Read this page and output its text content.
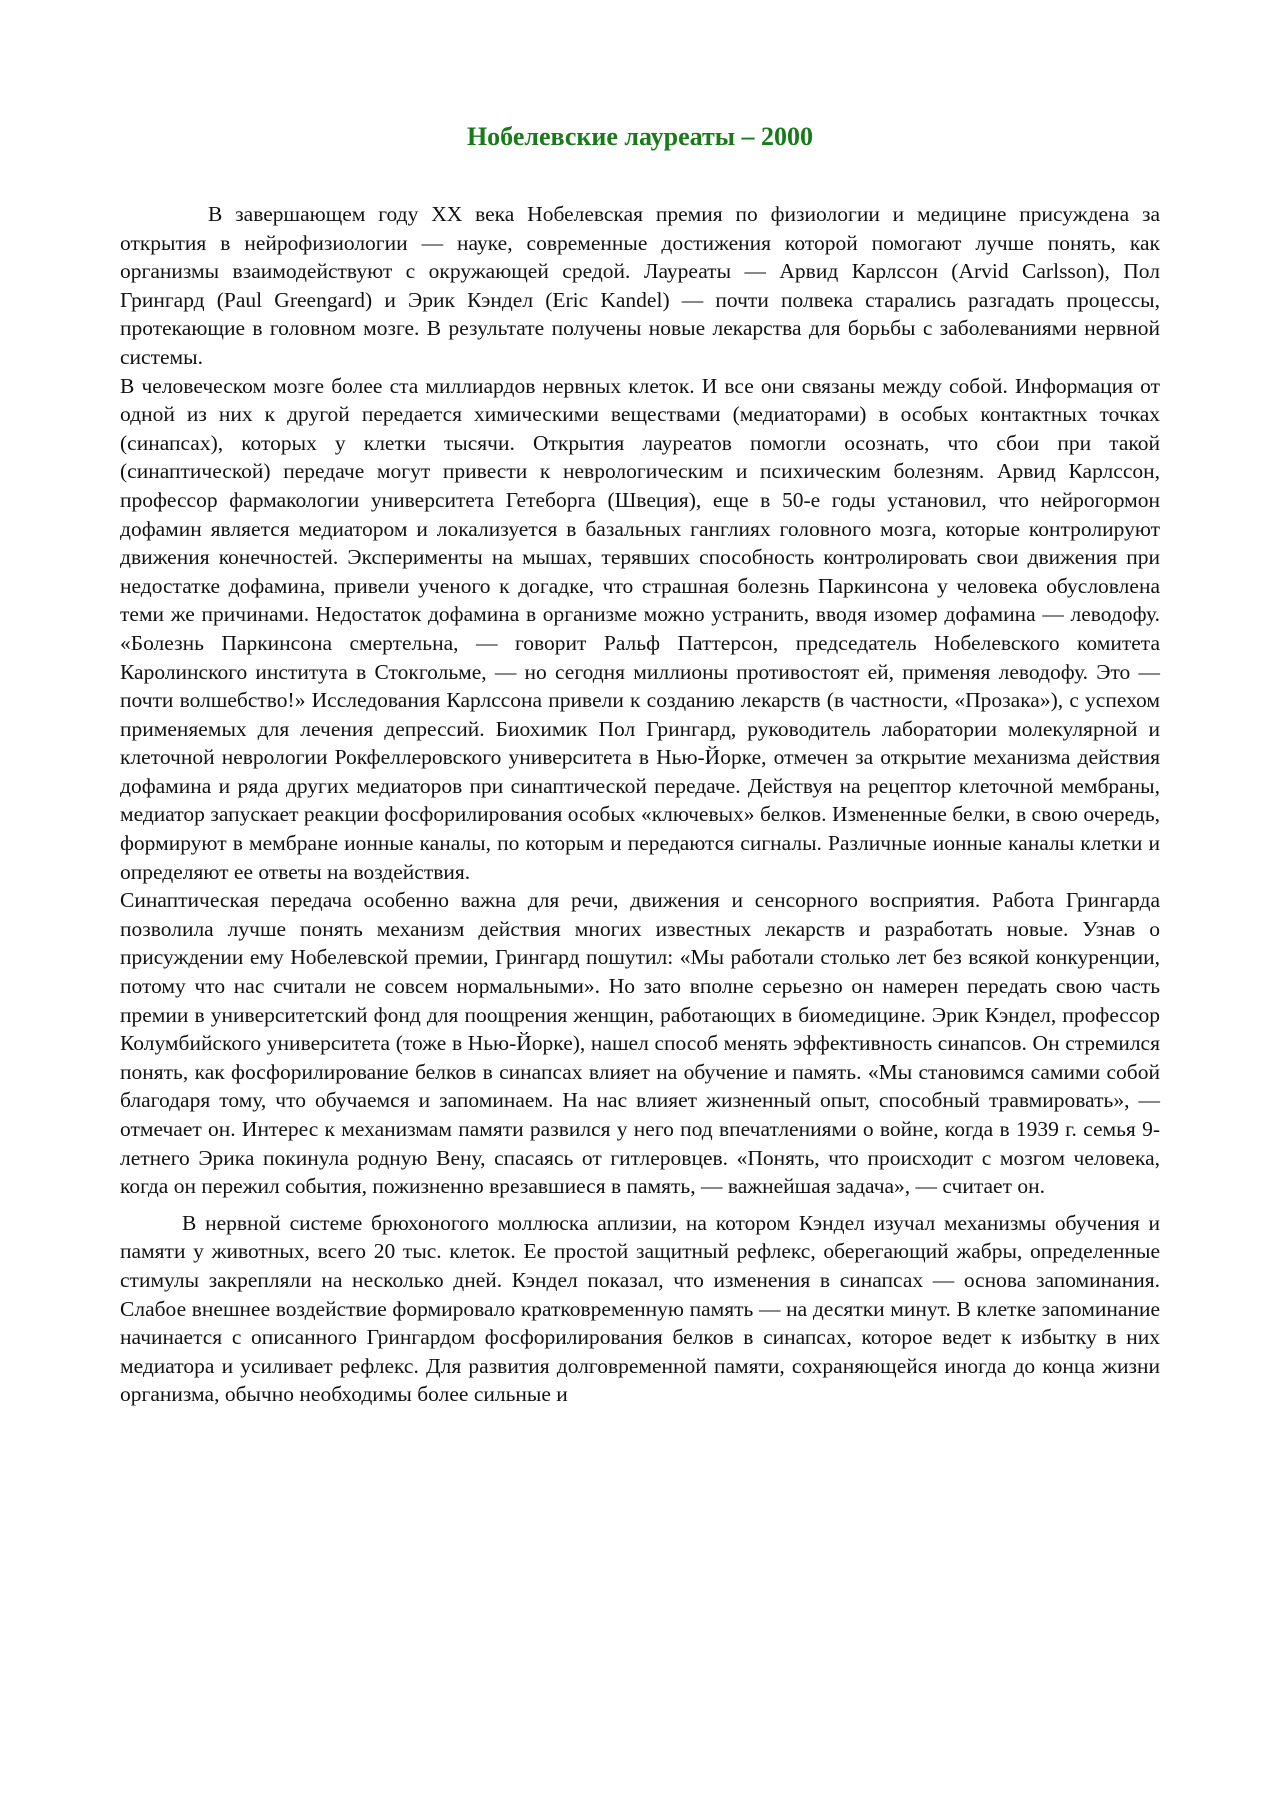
Нобелевские лауреаты – 2000

В завершающем году XX века Нобелевская премия по физиологии и медицине присуждена за открытия в нейрофизиологии — науке, современные достижения которой помогают лучше понять, как организмы взаимодействуют с окружающей средой. Лауреаты — Арвид Карлссон (Arvid Carlsson), Пол Грингард (Paul Greengard) и Эрик Кэндел (Eric Kandel) — почти полвека старались разгадать процессы, протекающие в головном мозге. В результате получены новые лекарства для борьбы с заболеваниями нервной системы.

В человеческом мозге более ста миллиардов нервных клеток. И все они связаны между собой. Информация от одной из них к другой передается химическими веществами (медиаторами) в особых контактных точках (синапсах), которых у клетки тысячи. Открытия лауреатов помогли осознать, что сбои при такой (синаптической) передаче могут привести к неврологическим и психическим болезням. Арвид Карлссон, профессор фармакологии университета Гетеборга (Швеция), еще в 50-е годы установил, что нейрогормон дофамин является медиатором и локализуется в базальных ганглиях головного мозга, которые контролируют движения конечностей. Эксперименты на мышах, терявших способность контролировать свои движения при недостатке дофамина, привели ученого к догадке, что страшная болезнь Паркинсона у человека обусловлена теми же причинами. Недостаток дофамина в организме можно устранить, вводя изомер дофамина — леводофу. «Болезнь Паркинсона смертельна, — говорит Ральф Паттерсон, председатель Нобелевского комитета Каролинского института в Стокгольме, — но сегодня миллионы противостоят ей, применяя леводофу. Это — почти волшебство!» Исследования Карлссона привели к созданию лекарств (в частности, «Прозака»), с успехом применяемых для лечения депрессий. Биохимик Пол Грингард, руководитель лаборатории молекулярной и клеточной неврологии Рокфеллеровского университета в Нью-Йорке, отмечен за открытие механизма действия дофамина и ряда других медиаторов при синаптической передаче. Действуя на рецептор клеточной мембраны, медиатор запускает реакции фосфорилирования особых «ключевых» белков. Измененные белки, в свою очередь, формируют в мембране ионные каналы, по которым и передаются сигналы. Различные ионные каналы клетки и определяют ее ответы на воздействия.

Синаптическая передача особенно важна для речи, движения и сенсорного восприятия. Работа Грингарда позволила лучше понять механизм действия многих известных лекарств и разработать новые. Узнав о присуждении ему Нобелевской премии, Грингард пошутил: «Мы работали столько лет без всякой конкуренции, потому что нас считали не совсем нормальными». Но зато вполне серьезно он намерен передать свою часть премии в университетский фонд для поощрения женщин, работающих в биомедицине. Эрик Кэндел, профессор Колумбийского университета (тоже в Нью-Йорке), нашел способ менять эффективность синапсов. Он стремился понять, как фосфорилирование белков в синапсах влияет на обучение и память. «Мы становимся самими собой благодаря тому, что обучаемся и запоминаем. На нас влияет жизненный опыт, способный травмировать», — отмечает он. Интерес к механизмам памяти развился у него под впечатлениями о войне, когда в 1939 г. семья 9-летнего Эрика покинула родную Вену, спасаясь от гитлеровцев. «Понять, что происходит с мозгом человека, когда он пережил события, пожизненно врезавшиеся в память, — важнейшая задача», — считает он.

В нервной системе брюхоногого моллюска аплизии, на котором Кэндел изучал механизмы обучения и памяти у животных, всего 20 тыс. клеток. Ее простой защитный рефлекс, оберегающий жабры, определенные стимулы закрепляли на несколько дней. Кэндел показал, что изменения в синапсах — основа запоминания. Слабое внешнее воздействие формировало кратковременную память — на десятки минут. В клетке запоминание начинается с описанного Грингардом фосфорилирования белков в синапсах, которое ведет к избытку в них медиатора и усиливает рефлекс. Для развития долговременной памяти, сохраняющейся иногда до конца жизни организма, обычно необходимы более сильные и
